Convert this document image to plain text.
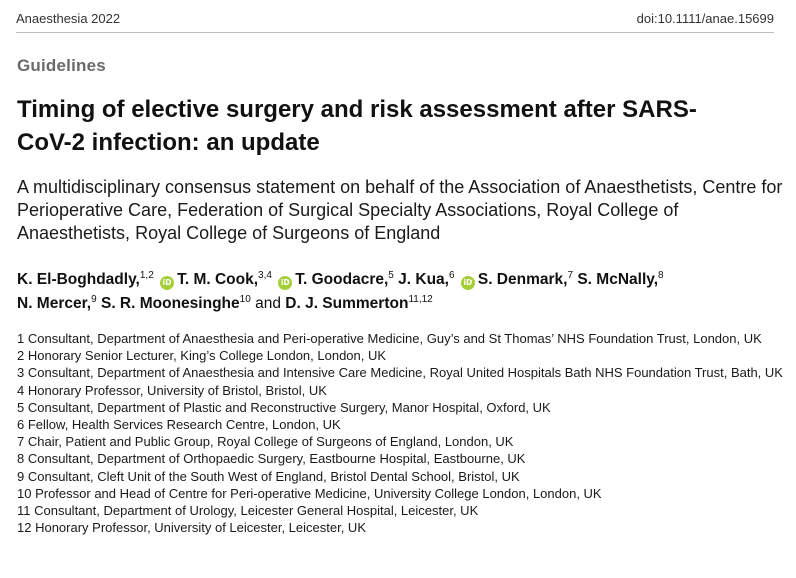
Anaesthesia 2022	doi:10.1111/anae.15699
Guidelines
Timing of elective surgery and risk assessment after SARS-CoV-2 infection: an update

A multidisciplinary consensus statement on behalf of the Association of Anaesthetists, Centre for Perioperative Care, Federation of Surgical Specialty Associations, Royal College of Anaesthetists, Royal College of Surgeons of England

K. El-Boghdadly,$^{1,2}$ iD T. M. Cook,$^{3,4}$ iD T. Goodacre,$^5$ J. Kua,$^6$ iD S. Denmark,$^7$ S. McNally,$^8$
N. Mercer,$^9$ S. R. Moonesinghe$^{10}$ and D. J. Summerton$^{11,12}$

1 Consultant, Department of Anaesthesia and Peri-operative Medicine, Guy’s and St Thomas’ NHS Foundation Trust, London, UK
2 Honorary Senior Lecturer, King’s College London, London, UK
3 Consultant, Department of Anaesthesia and Intensive Care Medicine, Royal United Hospitals Bath NHS Foundation Trust, Bath, UK
4 Honorary Professor, University of Bristol, Bristol, UK
5 Consultant, Department of Plastic and Reconstructive Surgery, Manor Hospital, Oxford, UK
6 Fellow, Health Services Research Centre, London, UK
7 Chair, Patient and Public Group, Royal College of Surgeons of England, London, UK
8 Consultant, Department of Orthopaedic Surgery, Eastbourne Hospital, Eastbourne, UK
9 Consultant, Cleft Unit of the South West of England, Bristol Dental School, Bristol, UK
10 Professor and Head of Centre for Peri-operative Medicine, University College London, London, UK
11 Consultant, Department of Urology, Leicester General Hospital, Leicester, UK
12 Honorary Professor, University of Leicester, Leicester, UK
